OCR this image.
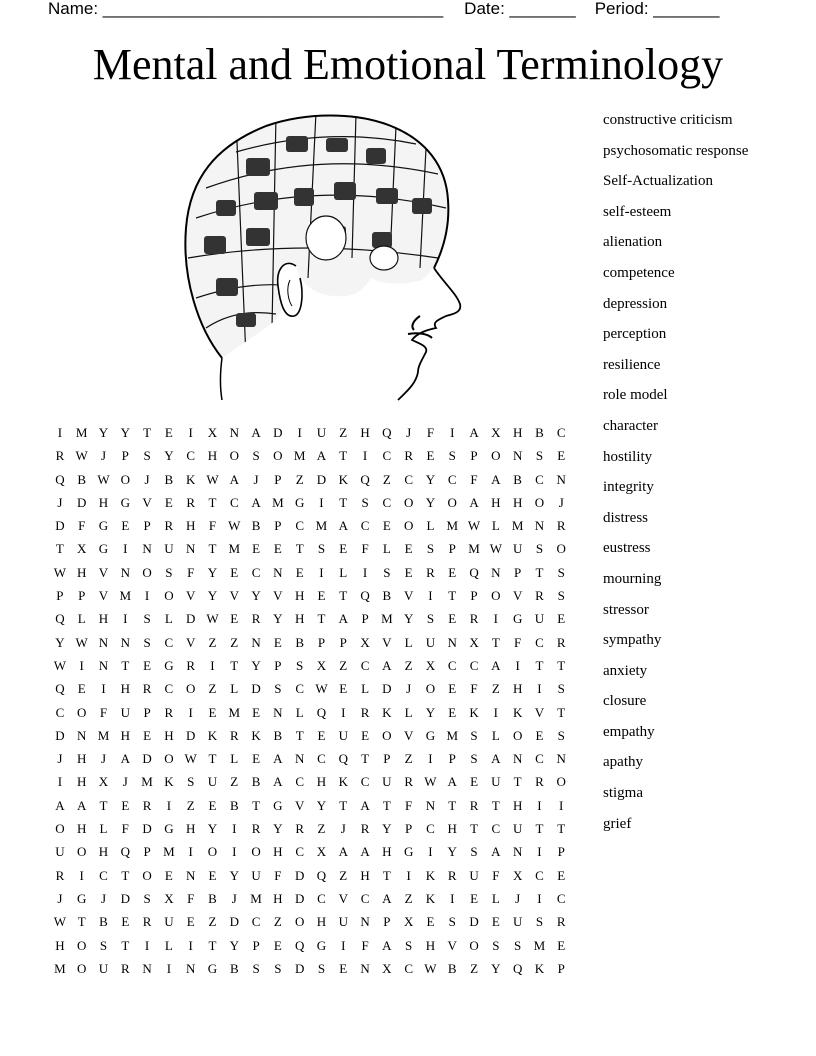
Name: ____________________________________ Date: _______ Period: _______
Mental and Emotional Terminology
constructive criticism
psychosomatic response
Self-Actualization
self-esteem
alienation
competence
depression
perception
resilience
role model
character
hostility
integrity
distress
eustress
mourning
stressor
sympathy
anxiety
closure
empathy
apathy
stigma
grief
I	M Y Y	T	E	I	X N A D	I	U	Z	H Q	J	F	I	A X H B	C
R W	J	P	S	Y C H O	S	O M A	T	I	C	R	E	S	P	O N	S	E
Q B W O	J	B K W A	J	P	Z	D K Q	Z	C Y C	F	A B	C N
J	D H G V	E	R	T	C A M G	I	T	S	C O Y O A H H O	J
D	F	G	E	P	R H	F W B	P	C M A C	E	O	L M W L M N R
T	X G	I	N U N	T M E	E	T	S	E	F	L	E	S	P M W U	S	O
W H V N O	S	F	Y	E	C N	E	I	L	I	S	E	R	E	Q N	P	T	S
P	P	V M	I	O V Y V Y V H	E	T	Q B V	I	T	P	O V R	S
Q	L	H	I	S	L	D W E	R Y H	T	A	P M Y	S	E	R	I	G U	E
Y W N N	S	C V	Z	Z	N	E	B	P	P	X V	L	U N X	T	F	C	R
W	I	N	T	E	G R	I	T	Y	P	S	X	Z	C A	Z	X C	C A	I	T	T
Q	E	I	H R	C O	Z	L	D	S	C W E	L	D	J	O	E	F	Z	H	I	S
C O	F	U	P	R	I	E M E	N	L	Q	I	R K	L	Y	E	K	I	K V	T
D N M H	E	H D K R K B	T	E	U	E	O V G M S	L	O	E	S
J	H	J	A D O W T	L	E	A N C Q	T	P	Z	I	P	S	A N C N
I	H X	J	M K	S	U	Z	B A C H K C U R W A	E	U	T	R O
A A	T	E	R	I	Z	E	B	T	G V Y	T	A	T	F	N	T	R	T	H	I	I
O H	L	F	D G H Y	I	R Y R	Z	J	R Y	P	C H	T	C U	T	T
U O H Q	P M	I	O	I	O H C X A A H G	I	Y	S	A N	I	P
R	I	C	T	O	E	N	E	Y U	F	D Q	Z	H	T	I	K R U	F	X C	E
J	G	J	D	S	X	F	B	J	M H D C V C A	Z	K	I	E	L	J	I	C
W T	B	E	R U	E	Z	D C	Z	O H U N	P	X	E	S	D	E	U	S	R
H O	S	T	I	L	I	T	Y	P	E	Q G	I	F	A	S	H V O	S	S M E
M O U R N	I	N G B	S	S	D	S	E	N X C W B	Z	Y Q K	P
